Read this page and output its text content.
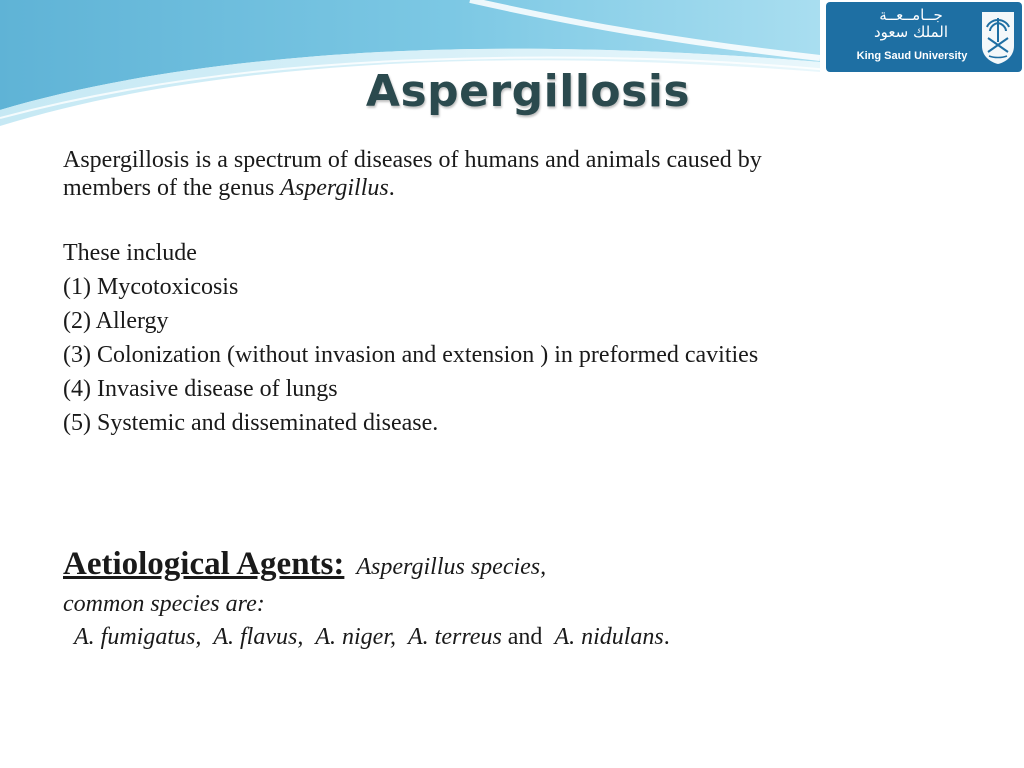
جــامــعــة
الملك سعود
King Saud University
Aspergillosis
Aspergillosis is a spectrum of diseases of humans and animals caused by
members of the genus Aspergillus.
These include
(1) Mycotoxicosis
(2) Allergy
(3) Colonization (without invasion and extension ) in preformed cavities
(4) Invasive disease of lungs
(5) Systemic and disseminated disease.
Aetiological Agents: Aspergillus species,
common species are:
A. fumigatus, A. flavus, A. niger, A. terreus and A. nidulans.
